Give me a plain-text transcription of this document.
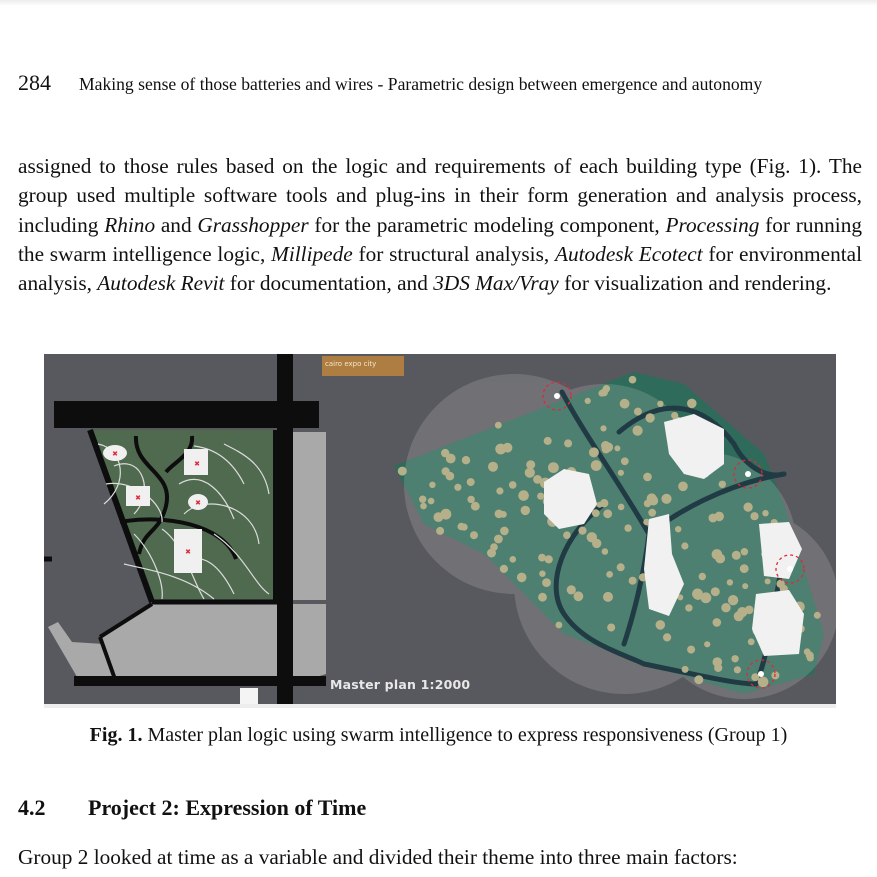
284 Making sense of those batteries and wires - Parametric design between emergence and autonomy

assigned to those rules based on the logic and requirements of each building type (Fig. 1). The group used multiple software tools and plug-ins in their form generation and analysis process, including Rhino and Grasshopper for the parametric modeling component, Processing for running the swarm intelligence logic, Millipede for structural analysis, Autodesk Ecotect for environmental analysis, Autodesk Revit for documentation, and 3DS Max/Vray for visualization and rendering.

✖
✖
✖
✖
✖
cairo expo city
Master plan 1:2000
Fig. 1. Master plan logic using swarm intelligence to express responsiveness (Group 1)
4.2	Project 2: Expression of Time
Group 2 looked at time as a variable and divided their theme into three main factors:
